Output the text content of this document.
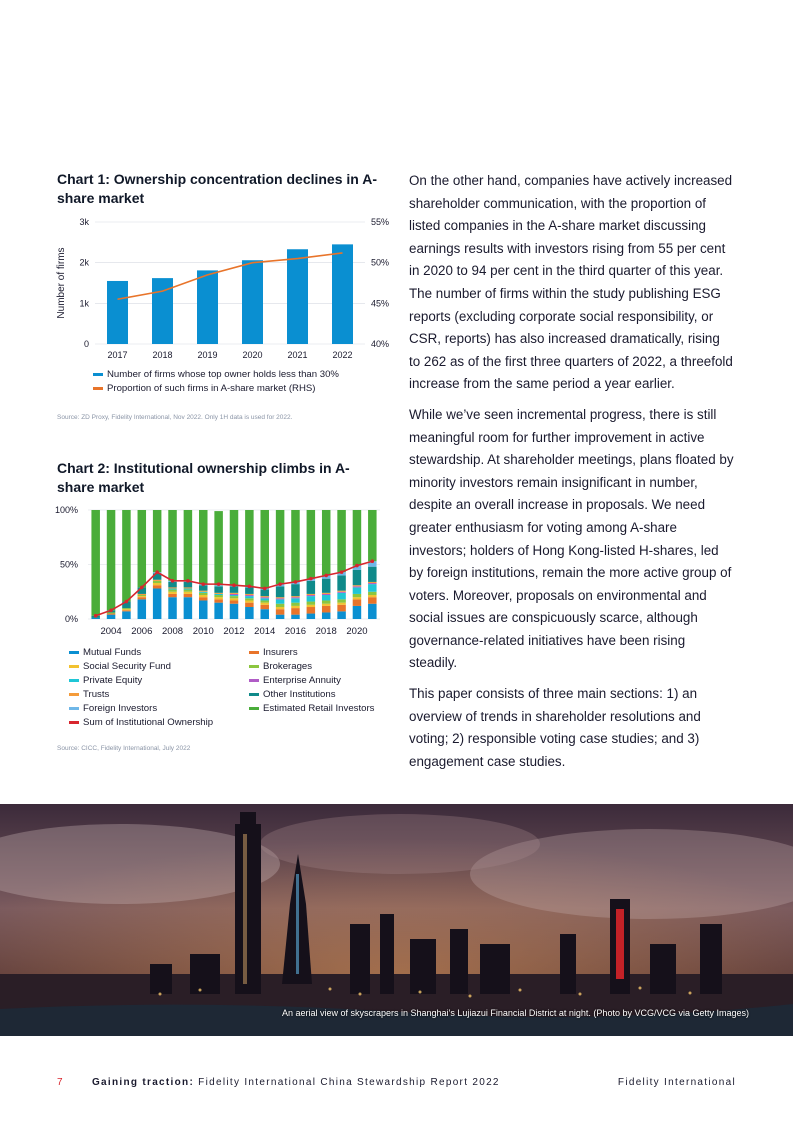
Chart 1: Ownership concentration declines in A-share market
0
1k
2k
3k
40%
45%
50%
55%
Number of firms
2017	2018	2019	2020	2021	2022
Number of firms whose top owner holds less than 30%
Proportion of such firms in A-share market (RHS)

Source: ZD Proxy, Fidelity International, Nov 2022. Only 1H data is used for 2022.

Chart 2: Institutional ownership climbs in A-share market
0%
50%
100%
2004 2006 2008 2010 2012 2014 2016 2018 2020
Mutual Funds
Social Security Fund
Private Equity
Trusts
Foreign Investors
Sum of Institutional Ownership
Insurers
Brokerages
Enterprise Annuity
Other Institutions
Estimated Retail Investors

Source: CICC, Fidelity International, July 2022

On the other hand, companies have actively increased shareholder communication, with the proportion of listed companies in the A-share market discussing earnings results with investors rising from 55 per cent in 2020 to 94 per cent in the third quarter of this year. The number of firms within the study publishing ESG reports (excluding corporate social responsibility, or CSR, reports) has also increased dramatically, rising to 262 as of the first three quarters of 2022, a threefold increase from the same period a year earlier.

While we’ve seen incremental progress, there is still meaningful room for further improvement in active stewardship. At shareholder meetings, plans floated by minority investors remain insignificant in number, despite an overall increase in proposals. We need greater enthusiasm for voting among A-share investors; holders of Hong Kong-listed H-shares, led by foreign institutions, remain the more active group of voters. Moreover, proposals on environmental and social issues are conspicuously scarce, although governance-related initiatives have been rising steadily.

This paper consists of three main sections: 1) an overview of trends in shareholder resolutions and voting; 2) responsible voting case studies; and 3) engagement case studies.

An aerial view of skyscrapers in Shanghai’s Lujiazui Financial District at night. (Photo by VCG/VCG via Getty Images)
7	Gaining traction: Fidelity International China Stewardship Report 2022	Fidelity International
